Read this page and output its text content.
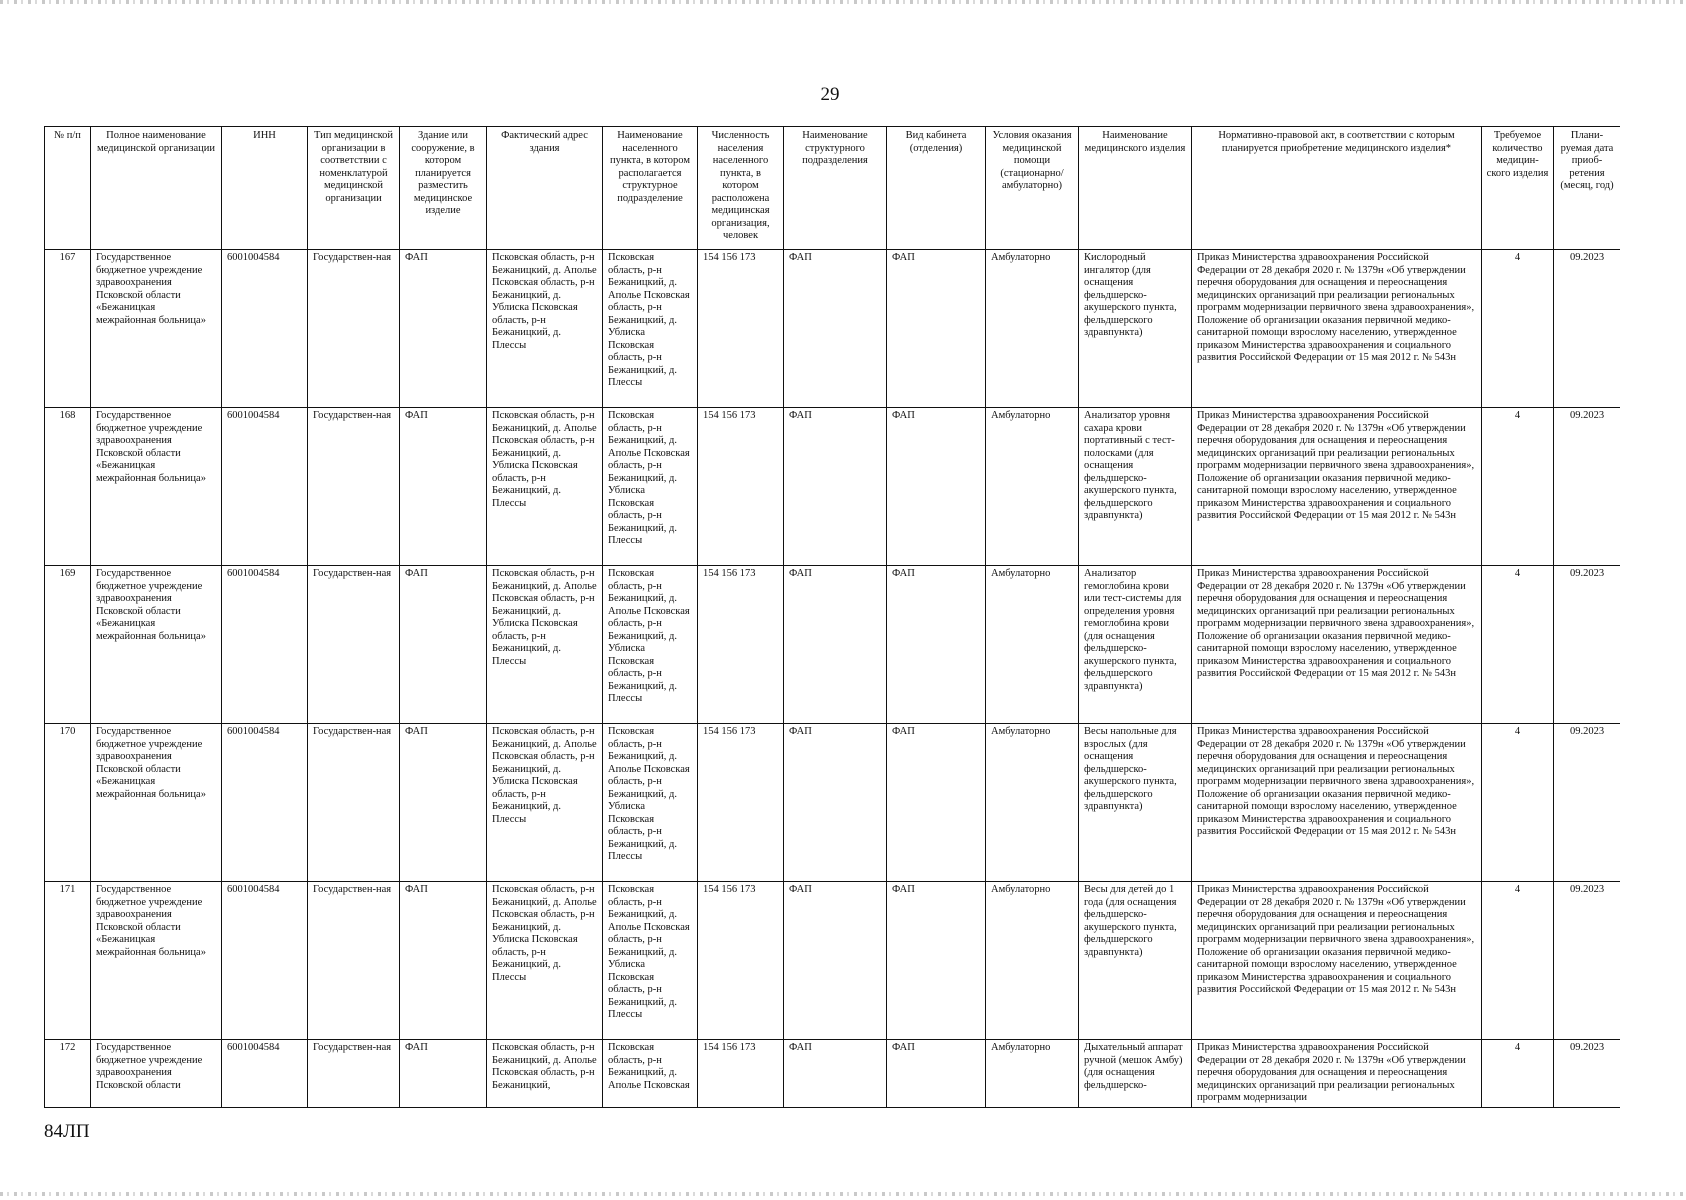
29
№ п/п	Полное наименование медицинской организации	ИНН	Тип медицинской организации в соответствии с номенклатурой медицинской организации	Здание или сооружение, в котором планируется разместить медицинское изделие	Фактический адрес здания	Наименование населенного пункта, в котором располагается структурное подразделение	Численность населения населенного пункта, в котором расположена медицинская организация, человек	Наименование структурного подразделения	Вид кабинета (отделения)	Условия оказания медицинской помощи (стационарно/ амбулаторно)	Наименование медицинского изделия	Нормативно-правовой акт, в соответствии с которым планируется приобретение медицинского изделия*	Требуемое количество медицин-ского изделия	Плани-руемая дата приоб-ретения (месяц, год)
167	Государственное бюджетное учреждение здравоохранения Псковской области «Бежаницкая межрайонная больница»	6001004584	Государствен-ная	ФАП	Псковская область, р-н Бежаницкий, д. Аполье Псковская область, р-н Бежаницкий, д. Ублиска Псковская область, р-н Бежаницкий, д. Плессы	Псковская область, р-н Бежаницкий, д. Аполье Псковская область, р-н Бежаницкий, д. Ублиска Псковская область, р-н Бежаницкий, д. Плессы	154 156 173	ФАП	ФАП	Амбулаторно	Кислородный ингалятор (для оснащения фельдшерско-акушерского пункта, фельдшерского здравпункта)	Приказ Министерства здравоохранения Российской Федерации от 28 декабря 2020 г. № 1379н «Об утверждении перечня оборудования для оснащения и переоснащения медицинских организаций при реализации региональных программ модернизации первичного звена здравоохранения», Положение об организации оказания первичной медико-санитарной помощи взрослому населению, утвержденное приказом Министерства здравоохранения и социального развития Российской Федерации от 15 мая 2012 г. № 543н	4	09.2023
168	Государственное бюджетное учреждение здравоохранения Псковской области «Бежаницкая межрайонная больница»	6001004584	Государствен-ная	ФАП	Псковская область, р-н Бежаницкий, д. Аполье Псковская область, р-н Бежаницкий, д. Ублиска Псковская область, р-н Бежаницкий, д. Плессы	Псковская область, р-н Бежаницкий, д. Аполье Псковская область, р-н Бежаницкий, д. Ублиска Псковская область, р-н Бежаницкий, д. Плессы	154 156 173	ФАП	ФАП	Амбулаторно	Анализатор уровня сахара крови портативный с тест-полосками (для оснащения фельдшерско-акушерского пункта, фельдшерского здравпункта)	Приказ Министерства здравоохранения Российской Федерации от 28 декабря 2020 г. № 1379н «Об утверждении перечня оборудования для оснащения и переоснащения медицинских организаций при реализации региональных программ модернизации первичного звена здравоохранения», Положение об организации оказания первичной медико-санитарной помощи взрослому населению, утвержденное приказом Министерства здравоохранения и социального развития Российской Федерации от 15 мая 2012 г. № 543н	4	09.2023
169	Государственное бюджетное учреждение здравоохранения Псковской области «Бежаницкая межрайонная больница»	6001004584	Государствен-ная	ФАП	Псковская область, р-н Бежаницкий, д. Аполье Псковская область, р-н Бежаницкий, д. Ублиска Псковская область, р-н Бежаницкий, д. Плессы	Псковская область, р-н Бежаницкий, д. Аполье Псковская область, р-н Бежаницкий, д. Ублиска Псковская область, р-н Бежаницкий, д. Плессы	154 156 173	ФАП	ФАП	Амбулаторно	Анализатор гемоглобина крови или тест-системы для определения уровня гемоглобина крови (для оснащения фельдшерско-акушерского пункта, фельдшерского здравпункта)	Приказ Министерства здравоохранения Российской Федерации от 28 декабря 2020 г. № 1379н «Об утверждении перечня оборудования для оснащения и переоснащения медицинских организаций при реализации региональных программ модернизации первичного звена здравоохранения», Положение об организации оказания первичной медико-санитарной помощи взрослому населению, утвержденное приказом Министерства здравоохранения и социального развития Российской Федерации от 15 мая 2012 г. № 543н	4	09.2023
170	Государственное бюджетное учреждение здравоохранения Псковской области «Бежаницкая межрайонная больница»	6001004584	Государствен-ная	ФАП	Псковская область, р-н Бежаницкий, д. Аполье Псковская область, р-н Бежаницкий, д. Ублиска Псковская область, р-н Бежаницкий, д. Плессы	Псковская область, р-н Бежаницкий, д. Аполье Псковская область, р-н Бежаницкий, д. Ублиска Псковская область, р-н Бежаницкий, д. Плессы	154 156 173	ФАП	ФАП	Амбулаторно	Весы напольные для взрослых (для оснащения фельдшерско-акушерского пункта, фельдшерского здравпункта)	Приказ Министерства здравоохранения Российской Федерации от 28 декабря 2020 г. № 1379н «Об утверждении перечня оборудования для оснащения и переоснащения медицинских организаций при реализации региональных программ модернизации первичного звена здравоохранения», Положение об организации оказания первичной медико-санитарной помощи взрослому населению, утвержденное приказом Министерства здравоохранения и социального развития Российской Федерации от 15 мая 2012 г. № 543н	4	09.2023
171	Государственное бюджетное учреждение здравоохранения Псковской области «Бежаницкая межрайонная больница»	6001004584	Государствен-ная	ФАП	Псковская область, р-н Бежаницкий, д. Аполье Псковская область, р-н Бежаницкий, д. Ублиска Псковская область, р-н Бежаницкий, д. Плессы	Псковская область, р-н Бежаницкий, д. Аполье Псковская область, р-н Бежаницкий, д. Ублиска Псковская область, р-н Бежаницкий, д. Плессы	154 156 173	ФАП	ФАП	Амбулаторно	Весы для детей до 1 года (для оснащения фельдшерско-акушерского пункта, фельдшерского здравпункта)	Приказ Министерства здравоохранения Российской Федерации от 28 декабря 2020 г. № 1379н «Об утверждении перечня оборудования для оснащения и переоснащения медицинских организаций при реализации региональных программ модернизации первичного звена здравоохранения», Положение об организации оказания первичной медико-санитарной помощи взрослому населению, утвержденное приказом Министерства здравоохранения и социального развития Российской Федерации от 15 мая 2012 г. № 543н	4	09.2023
172	Государственное бюджетное учреждение здравоохранения Псковской области	6001004584	Государствен-ная	ФАП	Псковская область, р-н Бежаницкий, д. Аполье Псковская область, р-н Бежаницкий,	Псковская область, р-н Бежаницкий, д. Аполье Псковская	154 156 173	ФАП	ФАП	Амбулаторно	Дыхательный аппарат ручной (мешок Амбу) (для оснащения фельдшерско-	Приказ Министерства здравоохранения Российской Федерации от 28 декабря 2020 г. № 1379н «Об утверждении перечня оборудования для оснащения и переоснащения медицинских организаций при реализации региональных программ модернизации	4	09.2023
84ЛП
